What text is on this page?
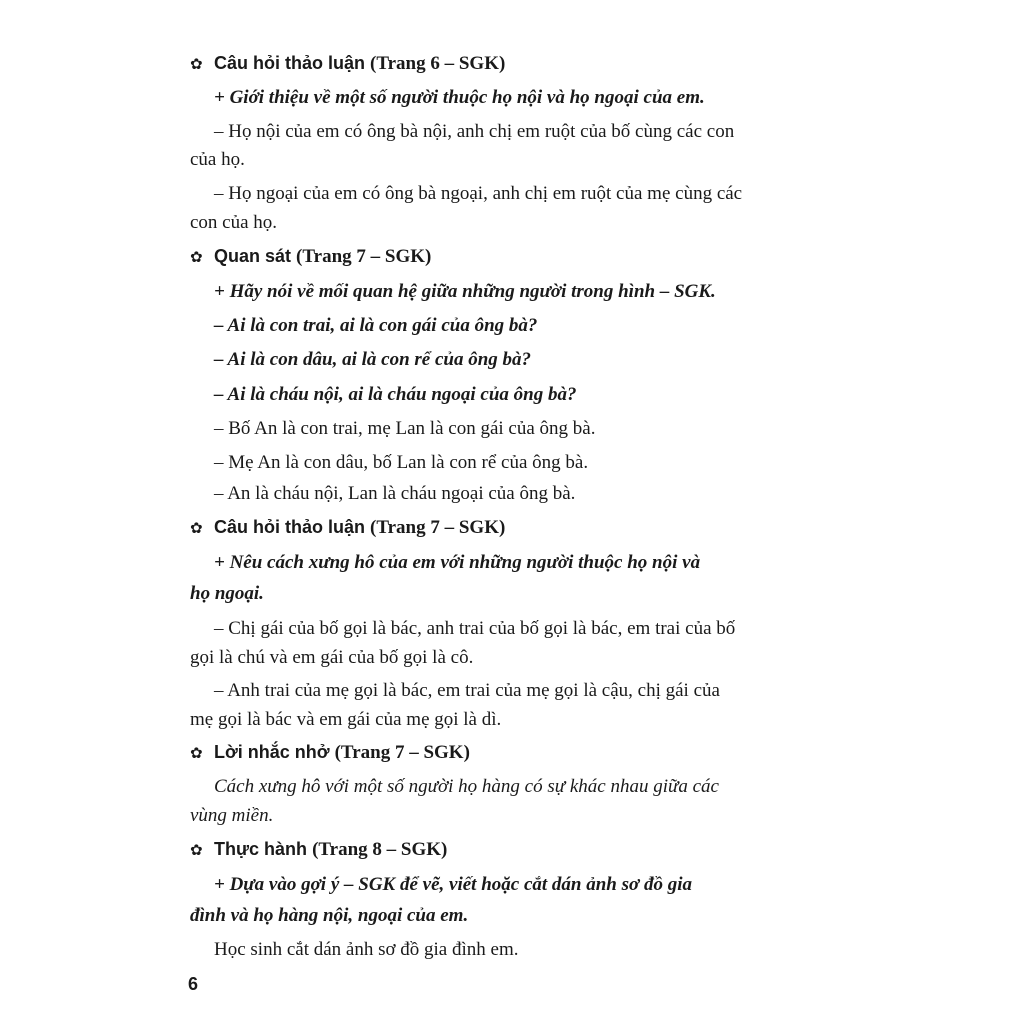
✿ Câu hỏi thảo luận (Trang 6 – SGK)
+ Giới thiệu về một số người thuộc họ nội và họ ngoại của em.
– Họ nội của em có ông bà nội, anh chị em ruột của bố cùng các con
của họ.
– Họ ngoại của em có ông bà ngoại, anh chị em ruột của mẹ cùng các
con của họ.
✿ Quan sát (Trang 7 – SGK)
+ Hãy nói về mối quan hệ giữa những người trong hình – SGK.
– Ai là con trai, ai là con gái của ông bà?
– Ai là con dâu, ai là con rể của ông bà?
– Ai là cháu nội, ai là cháu ngoại của ông bà?
– Bố An là con trai, mẹ Lan là con gái của ông bà.
– Mẹ An là con dâu, bố Lan là con rể của ông bà.
– An là cháu nội, Lan là cháu ngoại của ông bà.
✿ Câu hỏi thảo luận (Trang 7 – SGK)
+ Nêu cách xưng hô của em với những người thuộc họ nội và
họ ngoại.
– Chị gái của bố gọi là bác, anh trai của bố gọi là bác, em trai của bố
gọi là chú và em gái của bố gọi là cô.
– Anh trai của mẹ gọi là bác, em trai của mẹ gọi là cậu, chị gái của
mẹ gọi là bác và em gái của mẹ gọi là dì.
✿ Lời nhắc nhở (Trang 7 – SGK)
Cách xưng hô với một số người họ hàng có sự khác nhau giữa các
vùng miền.
✿ Thực hành (Trang 8 – SGK)
+ Dựa vào gợi ý – SGK để vẽ, viết hoặc cắt dán ảnh sơ đồ gia
đình và họ hàng nội, ngoại của em.
Học sinh cắt dán ảnh sơ đồ gia đình em.
6
